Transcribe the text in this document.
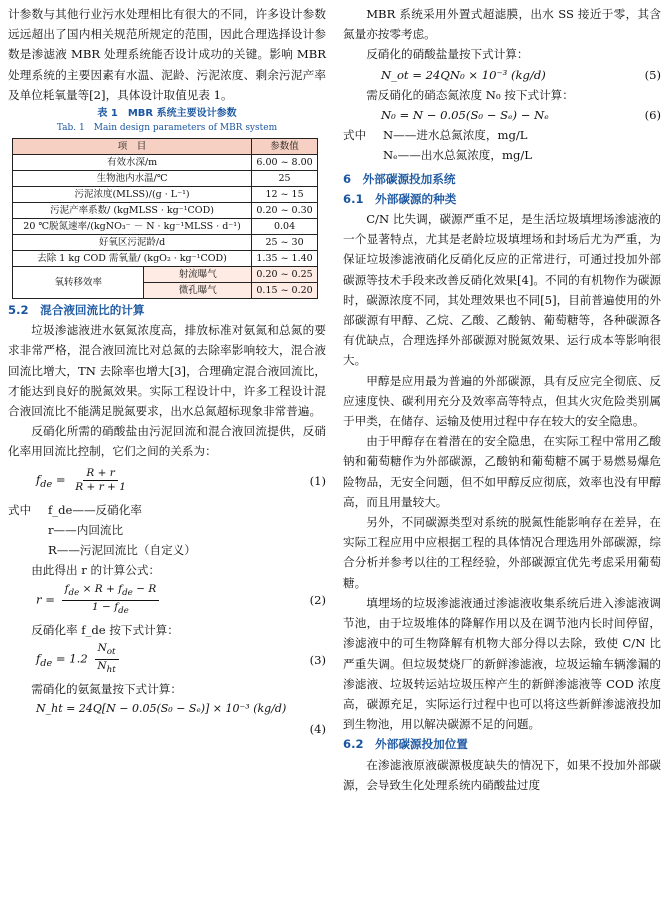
计参数与其他行业污水处理相比有很大的不同，许多设计参数远远超出了国内相关规范所规定的范围，因此合理选择设计参数是渗滤液 MBR 处理系统能否设计成功的关键。影响 MBR 处理系统的主要因素有水温、泥龄、污泥浓度、剩余污泥产率及单位耗氧量等[2]，具体设计取值见表 1。

表 1　MBR 系统主要设计参数
Tab. 1　Main design parameters of MBR system
项　目		参数值
有效水深/m		6.00 ~ 8.00
生物池内水温/℃		25
污泥浓度(MLSS)/(g · L⁻¹)		12 ~ 15
污泥产率系数/ (kgMLSS · kg⁻¹COD)		0.20 ~ 0.30
20 ℃脱氮速率/(kgNO₃⁻ － N · kg⁻¹MLSS · d⁻¹)		0.04
好氧区污泥龄/d		25 ~ 30
去除 1 kg COD 需氧量/ (kgO₂ · kg⁻¹COD)		1.35 ~ 1.40
氧转移效率	射流曝气	0.20 ~ 0.25
	微孔曝气	0.15 ~ 0.20
5.2　混合液回流比的计算

垃圾渗滤液进水氨氮浓度高，排放标准对氨氮和总氮的要求非常严格，混合液回流比对总氮的去除率影响较大，混合液回流比增大，TN 去除率也增大[3]，合理确定混合液回流比，才能达到良好的脱氮效果。实际工程设计中，许多工程设计混合液回流比不能满足脱氮要求，出水总氮超标现象非常普遍。

反硝化所需的硝酸盐由污泥回流和混合液回流提供，反硝化率用回流比控制，它们之间的关系为：

$f_{de} = \frac{R + r}{R + r + 1}$	(1)
式中 f_de——反硝化率
r——内回流比
R——污泥回流比（自定义）

由此得出 r 的计算公式：

$r = \frac{f_{de} \times R + f_{de} - R}{1 - f_{de}}$	(2)

反硝化率 f_de 按下式计算：

$f_{de} = 1.2 \frac{N_{ot}}{N_{ht}}$	(3)

需硝化的氨氮量按下式计算：

N_ht = 24Q[N − 0.05(S₀ − Sₑ)] × 10⁻³ (kg/d)
(4)

MBR 系统采用外置式超滤膜，出水 SS 接近于零，其含氮量亦按零考虑。

反硝化的硝酸盐量按下式计算：

N_ot = 24QN₀ × 10⁻³ (kg/d)	(5)

需反硝化的硝态氮浓度 N₀ 按下式计算：

N₀ = N − 0.05(S₀ − Sₑ) − Nₑ	(6)
式中 N——进水总氮浓度，mg/L
Nₑ——出水总氮浓度，mg/L
6　外部碳源投加系统
6.1　外部碳源的种类

C/N 比失调，碳源严重不足，是生活垃圾填埋场渗滤液的一个显著特点，尤其是老龄垃圾填埋场和封场后尤为严重，为保证垃圾渗滤液硝化反硝化反应的正常进行，可通过投加外部碳源等技术手段来改善反硝化效果[4]。不同的有机物作为碳源时，碳源浓度不同，其处理效果也不同[5]，目前普遍使用的外部碳源有甲醇、乙烷、乙酸、乙酸钠、葡萄糖等，各种碳源各有优缺点，合理选择外部碳源对脱氮效果、运行成本等影响很大。

甲醇是应用最为普遍的外部碳源，具有反应完全彻底、反应速度快、碳利用充分及效率高等特点，但其火灾危险类别属于甲类，在储存、运输及使用过程中存在较大的安全隐患。

由于甲醇存在着潜在的安全隐患，在实际工程中常用乙酸钠和葡萄糖作为外部碳源，乙酸钠和葡萄糖不属于易燃易爆危险物品，无安全问题，但不如甲醇反应彻底，效率也没有甲醇高，而且用量较大。

另外，不同碳源类型对系统的脱氮性能影响存在差异，在实际工程应用中应根据工程的具体情况合理选用外部碳源，综合分析并参考以往的工程经验，外部碳源宜优先考虑采用葡萄糖。

填埋场的垃圾渗滤液通过渗滤液收集系统后进入渗滤液调节池，由于垃圾堆体的降解作用以及在调节池内长时间停留，渗滤液中的可生物降解有机物大部分得以去除，致使 C/N 比严重失调。但垃圾焚烧厂的新鲜渗滤液，垃圾运输车辆滲漏的渗滤液、垃圾转运站垃圾压榨产生的新鲜渗滤液等 COD 浓度高，碳源充足，实际运行过程中也可以将这些新鲜渗滤液投加到生物池，用以解决碳源不足的问题。

6.2　外部碳源投加位置

在渗滤液原液碳源极度缺失的情况下，如果不投加外部碳源，会导致生化处理系统内硝酸盐过度
